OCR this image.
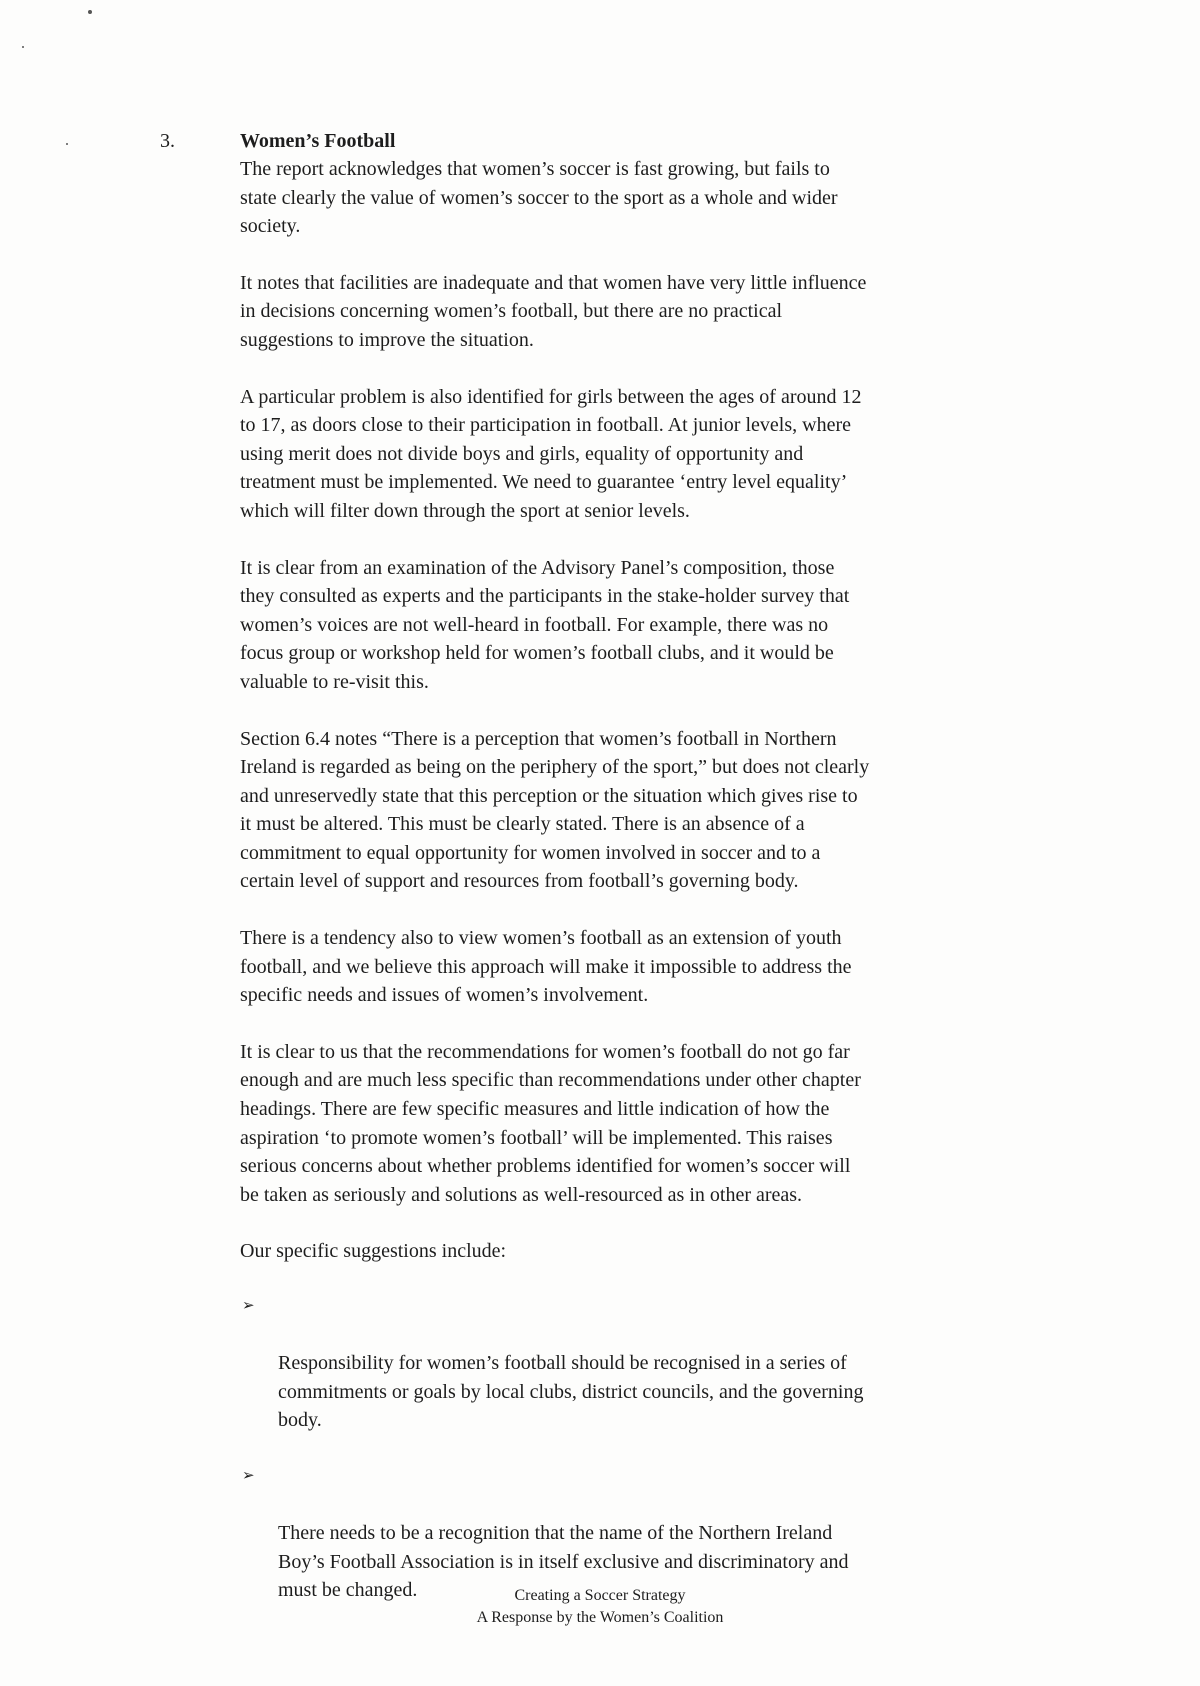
3.	Women’s Football

The report acknowledges that women’s soccer is fast growing, but fails to
state clearly the value of women’s soccer to the sport as a whole and wider
society.

It notes that facilities are inadequate and that women have very little influence
in decisions concerning women’s football, but there are no practical
suggestions to improve the situation.

A particular problem is also identified for girls between the ages of around 12
to 17, as doors close to their participation in football. At junior levels, where
using merit does not divide boys and girls, equality of opportunity and
treatment must be implemented. We need to guarantee ‘entry level equality’
which will filter down through the sport at senior levels.

It is clear from an examination of the Advisory Panel’s composition, those
they consulted as experts and the participants in the stake-holder survey that
women’s voices are not well-heard in football. For example, there was no
focus group or workshop held for women’s football clubs, and it would be
valuable to re-visit this.

Section 6.4 notes “There is a perception that women’s football in Northern
Ireland is regarded as being on the periphery of the sport,” but does not clearly
and unreservedly state that this perception or the situation which gives rise to
it must be altered. This must be clearly stated. There is an absence of a
commitment to equal opportunity for women involved in soccer and to a
certain level of support and resources from football’s governing body.

There is a tendency also to view women’s football as an extension of youth
football, and we believe this approach will make it impossible to address the
specific needs and issues of women’s involvement.

It is clear to us that the recommendations for women’s football do not go far
enough and are much less specific than recommendations under other chapter
headings. There are few specific measures and little indication of how the
aspiration ‘to promote women’s football’ will be implemented. This raises
serious concerns about whether problems identified for women’s soccer will
be taken as seriously and solutions as well-resourced as in other areas.

Our specific suggestions include:

➢

Responsibility for women’s football should be recognised in a series of
commitments or goals by local clubs, district councils, and the governing
body.

➢

There needs to be a recognition that the name of the Northern Ireland
Boy’s Football Association is in itself exclusive and discriminatory and
must be changed.	Creating a Soccer Strategy
A Response by the Women’s Coalition
